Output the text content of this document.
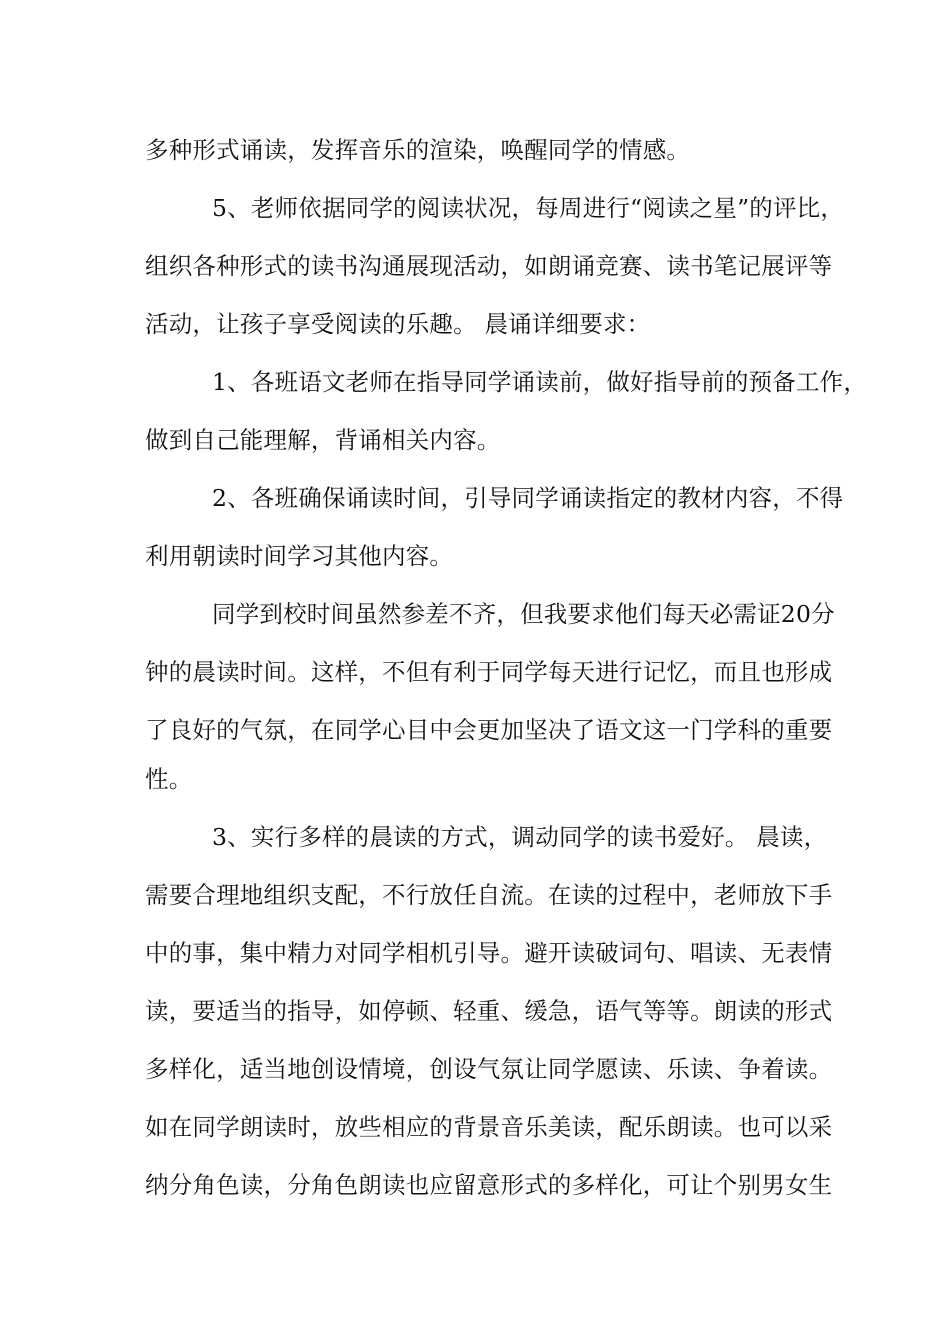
多种形式诵读，发挥音乐的渲染，唤醒同学的情感。
5、老师依据同学的阅读状况，每周进行“阅读之星”的评比，
组织各种形式的读书沟通展现活动，如朗诵竞赛、读书笔记展评等
活动，让孩子享受阅读的乐趣。 晨诵详细要求：
1、各班语文老师在指导同学诵读前，做好指导前的预备工作，
做到自己能理解，背诵相关内容。
2、各班确保诵读时间，引导同学诵读指定的教材内容，不得
利用朝读时间学习其他内容。
同学到校时间虽然参差不齐，但我要求他们每天必需证20分
钟的晨读时间。这样，不但有利于同学每天进行记忆，而且也形成
了良好的气氛，在同学心目中会更加坚决了语文这一门学科的重要
性。
3、实行多样的晨读的方式，调动同学的读书爱好。 晨读，
需要合理地组织支配，不行放任自流。在读的过程中，老师放下手
中的事，集中精力对同学相机引导。避开读破词句、唱读、无表情
读，要适当的指导，如停顿、轻重、缓急，语气等等。朗读的形式
多样化，适当地创设情境，创设气氛让同学愿读、乐读、争着读。
如在同学朗读时，放些相应的背景音乐美读，配乐朗读。也可以采
纳分角色读，分角色朗读也应留意形式的多样化，可让个别男女生
